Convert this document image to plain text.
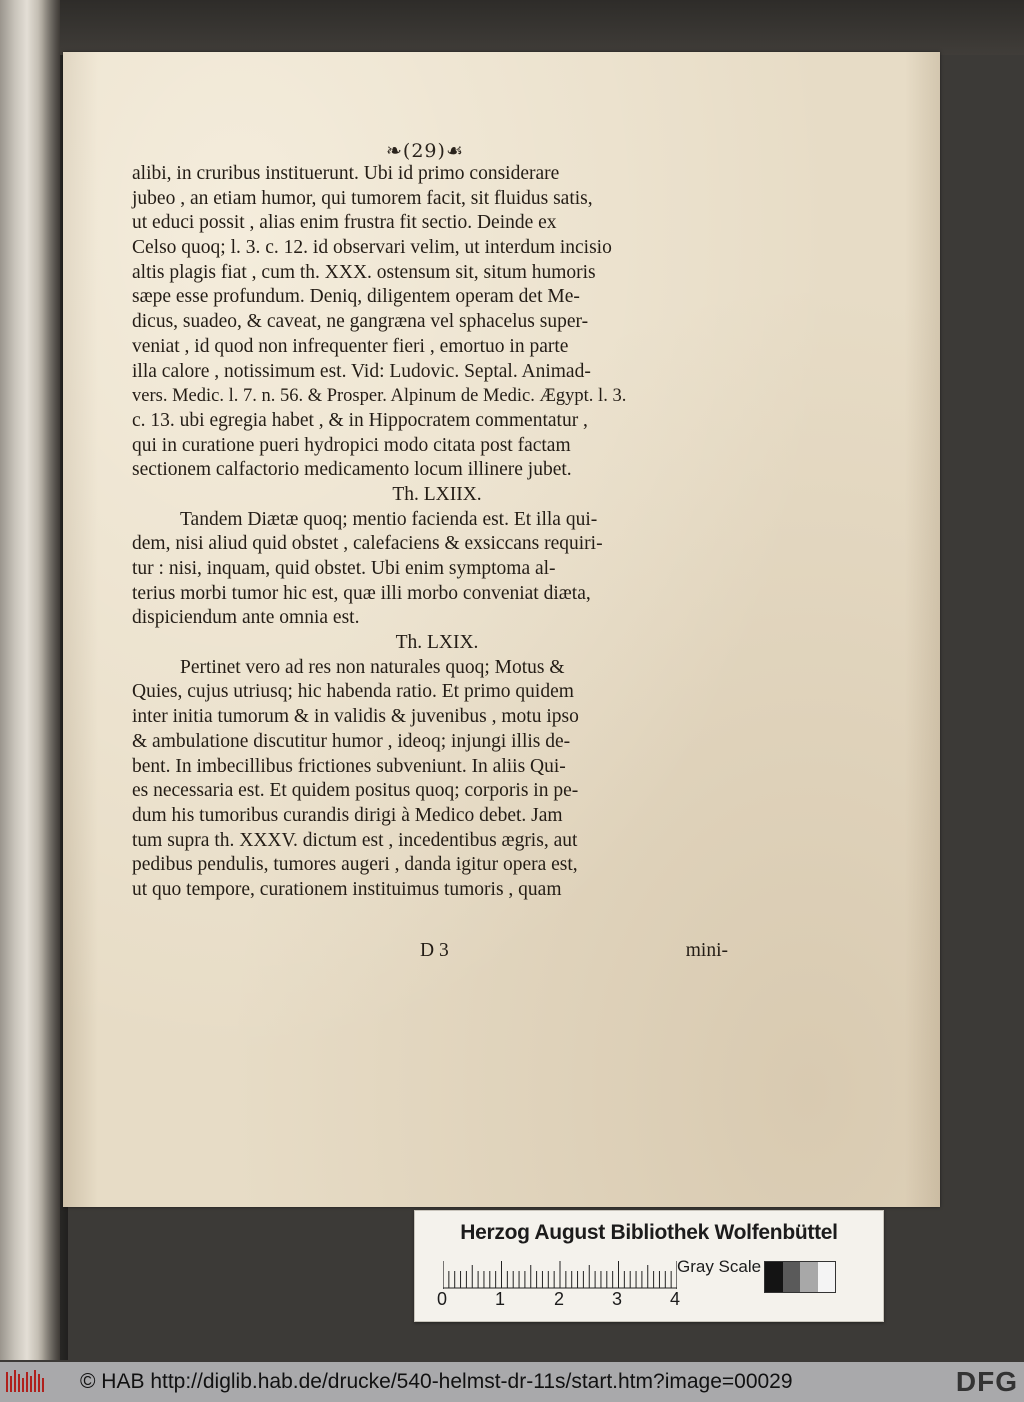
❧(29)☙
alibi, in cruribus instituerunt. Ubi id primo considerare
jubeo , an etiam humor, qui tumorem facit, sit fluidus satis,
ut educi possit , alias enim frustra fit sectio. Deinde ex
Celso quoq; l. 3. c. 12. id observari velim, ut interdum incisio
altis plagis fiat , cum th. XXX. ostensum sit, situm humoris
sæpe esse profundum. Deniq, diligentem operam det Me-
dicus, suadeo, & caveat, ne gangræna vel sphacelus super-
veniat , id quod non infrequenter fieri , emortuo in parte
illa calore , notissimum est. Vid: Ludovic. Septal. Animad-
vers. Medic. l. 7. n. 56. & Prosper. Alpinum de Medic. Ægypt. l. 3.
c. 13. ubi egregia habet , & in Hippocratem commentatur ,
qui in curatione pueri hydropici modo citata post factam
sectionem calfactorio medicamento locum illinere jubet.
Th. LXIIX.
Tandem Diætæ quoq; mentio facienda est. Et illa qui-
dem, nisi aliud quid obstet , calefaciens & exsiccans requiri-
tur : nisi, inquam, quid obstet. Ubi enim symptoma al-
terius morbi tumor hic est, quæ illi morbo conveniat diæta,
dispiciendum ante omnia est.
Th. LXIX.
Pertinet vero ad res non naturales quoq; Motus &
Quies, cujus utriusq; hic habenda ratio. Et primo quidem
inter initia tumorum & in validis & juvenibus , motu ipso
& ambulatione discutitur humor , ideoq; injungi illis de-
bent. In imbecillibus frictiones subveniunt. In aliis Qui-
es necessaria est. Et quidem positus quoq; corporis in pe-
dum his tumoribus curandis dirigi à Medico debet. Jam
tum supra th. XXXV. dictum est , incedentibus ægris, aut
pedibus pendulis, tumores augeri , danda igitur opera est,
ut quo tempore, curationem instituimus tumoris , quam
D 3	mini-
Herzog August Bibliothek Wolfenbüttel
0	1	2	3	4
Gray Scale
© HAB http://diglib.hab.de/drucke/540-helmst-dr-11s/start.htm?image=00029	DFG
